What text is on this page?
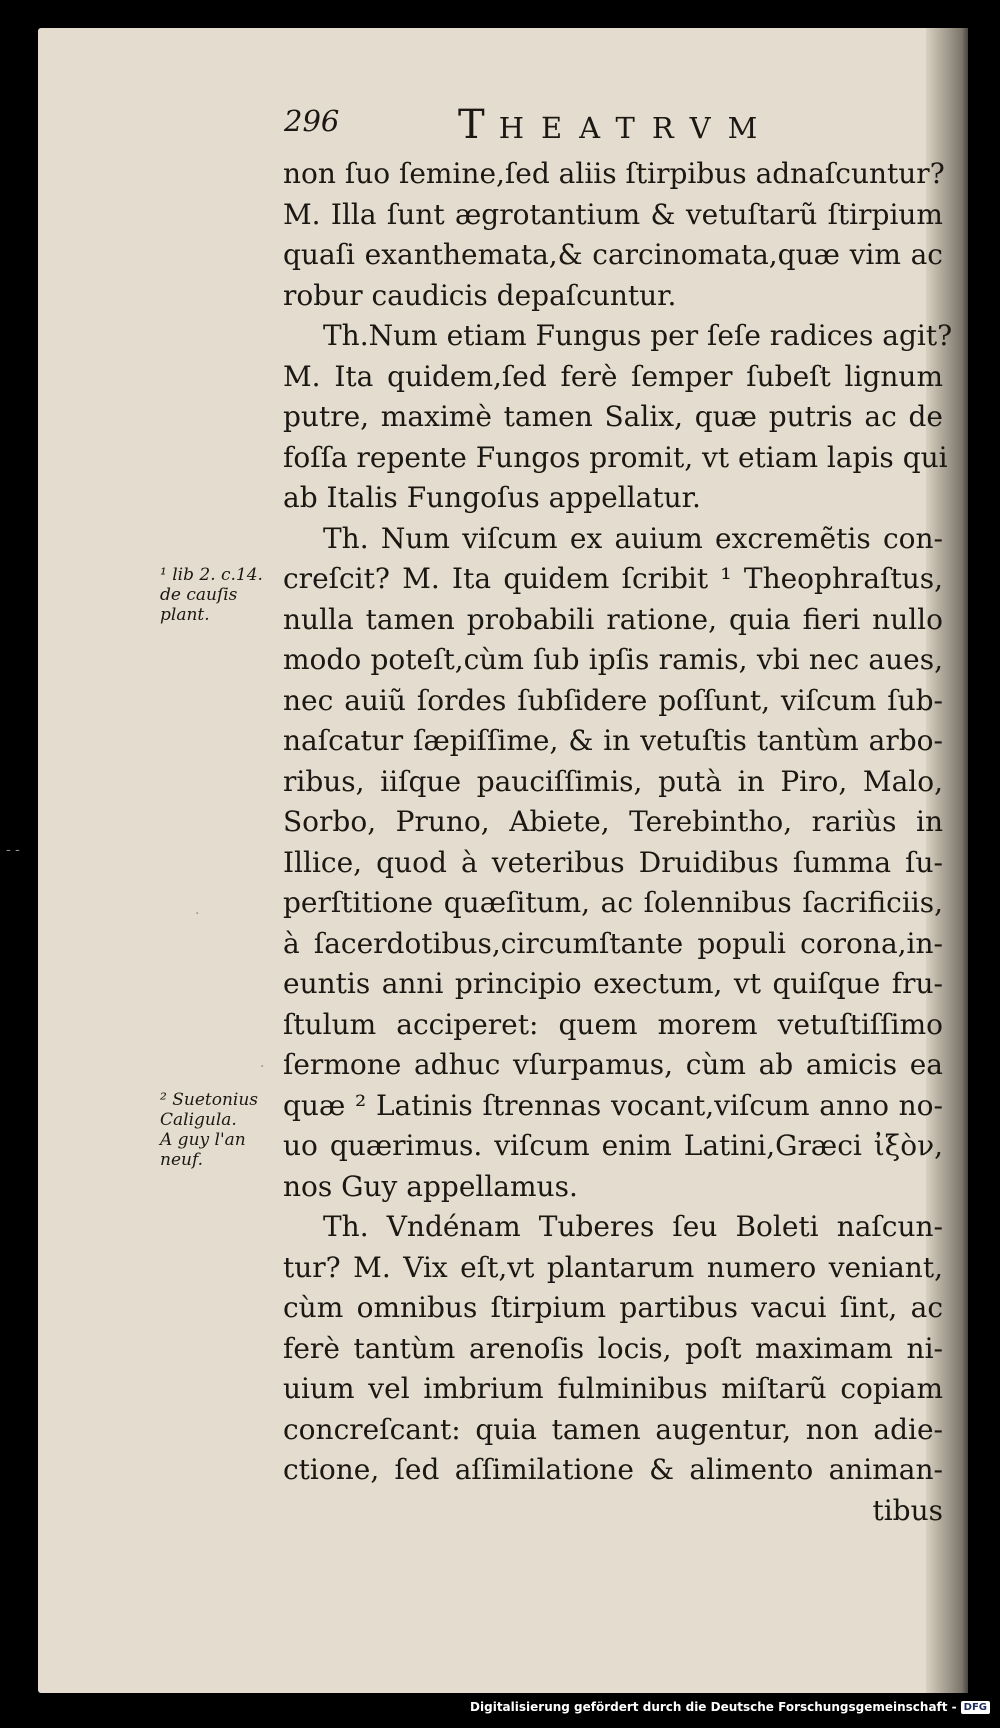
296	THEATRVM
non ſuo ſemine,ſed aliis ſtirpibus adnaſcuntur?
M. Illa ſunt ægrotantium & vetuſtarũ ſtirpium
quaſi exanthemata,& carcinomata,quæ vim ac
robur caudicis depaſcuntur.
Th.Num etiam Fungus per ſeſe radices agit?
M. Ita quidem,ſed ferè ſemper ſubeſt lignum
putre, maximè tamen Salix, quæ putris ac de
foſſa repente Fungos promit, vt etiam lapis qui
ab Italis Fungoſus appellatur.
Th. Num viſcum ex auium excremẽtis con-
creſcit? M. Ita quidem ſcribit ¹ Theophraſtus,
nulla tamen probabili ratione, quia fieri nullo
modo poteſt,cùm ſub ipſis ramis, vbi nec aues,
nec auiũ ſordes ſubſidere poſſunt, viſcum ſub-
naſcatur ſæpiſſime, & in vetuſtis tantùm arbo-
ribus, iiſque pauciſſimis, putà in Piro, Malo,
Sorbo, Pruno, Abiete, Terebintho, rariùs in
Illice, quod à veteribus Druidibus ſumma ſu-
perſtitione quæſitum, ac ſolennibus ſacrificiis,
à ſacerdotibus,circumſtante populi corona,in-
euntis anni principio exectum, vt quiſque fru-
ſtulum acciperet: quem morem vetuſtiſſimo
ſermone adhuc vſurpamus, cùm ab amicis ea
quæ ² Latinis ſtrennas vocant,viſcum anno no-
uo quærimus. viſcum enim Latini,Græci ἰξὸν,
nos Guy appellamus.
Th. Vndénam Tuberes ſeu Boleti naſcun-
tur? M. Vix eſt,vt plantarum numero veniant,
cùm omnibus ſtirpium partibus vacui ſint, ac
ferè tantùm arenoſis locis, poſt maximam ni-
uium vel imbrium fulminibus miſtarũ copiam
concreſcant: quia tamen augentur, non adie-
ctione, ſed aſſimilatione & alimento animan-
tibus
¹ lib 2. c.14.
de cauſis
plant.
² Suetonius
Caligula.
A guy l'an
neuf.
- -
.
.
Digitalisierung gefördert durch die Deutsche Forschungsgemeinschaft - DFG
